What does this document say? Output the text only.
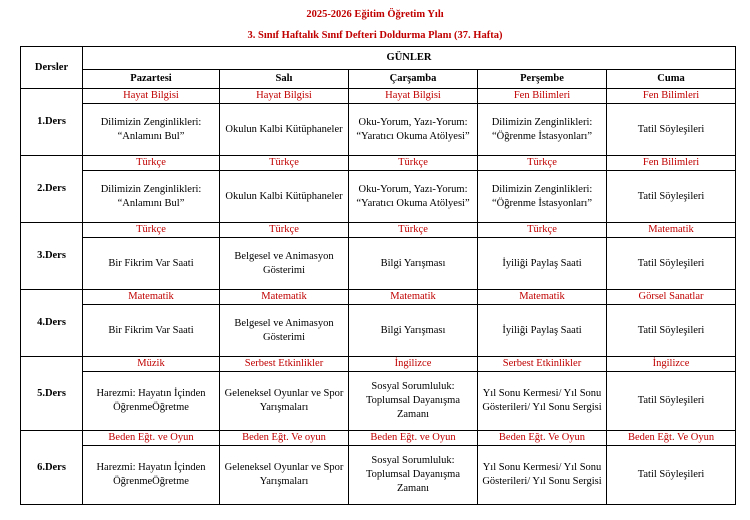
2025-2026 Eğitim Öğretim Yılı
3. Sınıf Haftalık Sınıf Defteri Doldurma Planı (37. Hafta)
Dersler	GÜNLER				
	Pazartesi	Salı	Çarşamba	Perşembe	Cuma
1.Ders	Hayat Bilgisi	Hayat Bilgisi	Hayat Bilgisi	Fen Bilimleri	Fen Bilimleri
	Dilimizin Zenginlikleri: “Anlamını Bul”	Okulun Kalbi Kütüphaneler	Oku-Yorum, Yazı-Yorum: “Yaratıcı Okuma Atölyesi”	Dilimizin Zenginlikleri: “Öğrenme İstasyonları”	Tatil Söyleşileri
2.Ders	Türkçe	Türkçe	Türkçe	Türkçe	Fen Bilimleri
	Dilimizin Zenginlikleri: “Anlamını Bul”	Okulun Kalbi Kütüphaneler	Oku-Yorum, Yazı-Yorum: “Yaratıcı Okuma Atölyesi”	Dilimizin Zenginlikleri: “Öğrenme İstasyonları”	Tatil Söyleşileri
3.Ders	Türkçe	Türkçe	Türkçe	Türkçe	Matematik
	Bir Fikrim Var Saati	Belgesel ve Animasyon Gösterimi	Bilgi Yarışması	İyiliği Paylaş Saati	Tatil Söyleşileri
4.Ders	Matematik	Matematik	Matematik	Matematik	Görsel Sanatlar
	Bir Fikrim Var Saati	Belgesel ve Animasyon Gösterimi	Bilgi Yarışması	İyiliği Paylaş Saati	Tatil Söyleşileri
5.Ders	Müzik	Serbest Etkinlikler	İngilizce	Serbest Etkinlikler	İngilizce
	Harezmi: Hayatın İçinden ÖğrenmeÖğretme	Geleneksel Oyunlar ve Spor Yarışmaları	Sosyal Sorumluluk: Toplumsal Dayanışma Zamanı	Yıl Sonu Kermesi/ Yıl Sonu Gösterileri/ Yıl Sonu Sergisi	Tatil Söyleşileri
6.Ders	Beden Eğt. ve Oyun	Beden Eğt. Ve oyun	Beden Eğt. ve Oyun	Beden Eğt. Ve Oyun	Beden Eğt. Ve Oyun
	Harezmi: Hayatın İçinden ÖğrenmeÖğretme	Geleneksel Oyunlar ve Spor Yarışmaları	Sosyal Sorumluluk: Toplumsal Dayanışma Zamanı	Yıl Sonu Kermesi/ Yıl Sonu Gösterileri/ Yıl Sonu Sergisi	Tatil Söyleşileri
